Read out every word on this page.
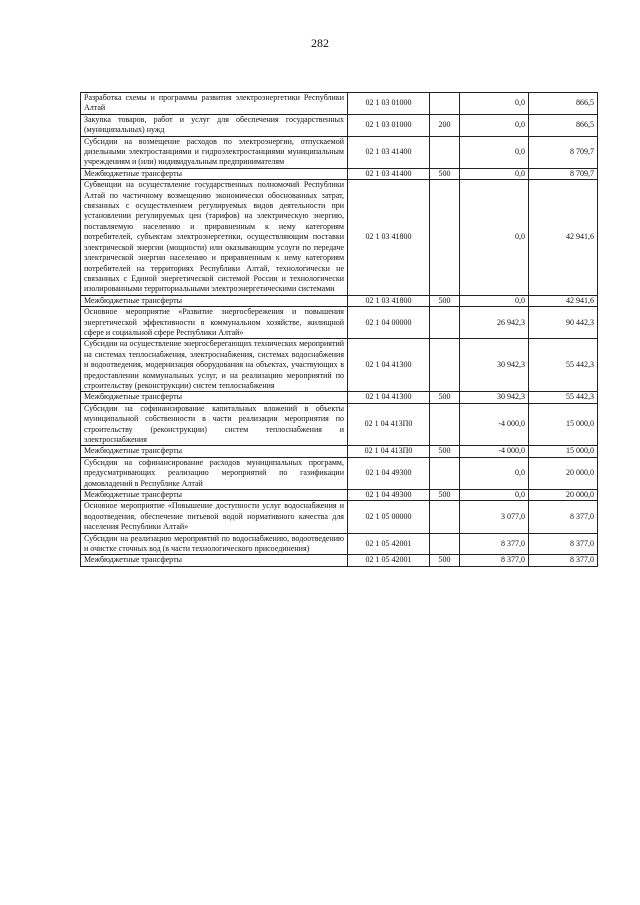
282
Разработка схемы и программы развития электроэнергетики Республики Алтай	02 1 03 01000		0,0	866,5
Закупка товаров, работ и услуг для обеспечения государственных (муниципальных) нужд	02 1 03 01000	200	0,0	866,5
Субсидии на возмещение расходов по электроэнергии, отпускаемой дизельными электростанциями и гидроэлектростанциями муниципальным учреждениям и (или) индивидуальным предпринимателям	02 1 03 41400		0,0	8 709,7
Межбюджетные трансферты	02 1 03 41400	500	0,0	8 709,7
Субвенции на осуществление государственных полномочий Республики Алтай по частичному возмещению экономически обоснованных затрат, связанных с осуществлением регулируемых видов деятельности при установлении регулируемых цен (тарифов) на электрическую энергию, поставляемую населению и приравненным к нему категориям потребителей, субъектам электроэнергетики, осуществляющим поставки электрической энергии (мощности) или оказывающим услуги по передаче электрической энергии населению и приравненным к нему категориям потребителей на территориях Республики Алтай, технологически не связанных с Единой энергетической системой России и технологически изолированными территориальными электроэнергетическими системами	02 1 03 41800		0,0	42 941,6
Межбюджетные трансферты	02 1 03 41800	500	0,0	42 941,6
Основное мероприятие «Развитие энергосбережения и повышения энергетической эффективности в коммунальном хозяйстве, жилищной сфере и социальной сфере Республики Алтай»	02 1 04 00000		26 942,3	90 442,3
Субсидии на осуществление энергосберегающих технических мероприятий на системах теплоснабжения, электроснабжения, системах водоснабжения и водоотведения, модернизация оборудования на объектах, участвующих в предоставлении коммунальных услуг, и на реализацию мероприятий по строительству (реконструкции) систем теплоснабжения	02 1 04 41300		30 942,3	55 442,3
Межбюджетные трансферты	02 1 04 41300	500	30 942,3	55 442,3
Субсидии на софинансирование капитальных вложений в объекты муниципальной собственности в части реализации мероприятия по строительству (реконструкции) систем теплоснабжения и электроснабжения	02 1 04 413П0		-4 000,0	15 000,0
Межбюджетные трансферты	02 1 04 413П0	500	-4 000,0	15 000,0
Субсидии на софинансирование расходов муниципальных программ, предусматривающих реализацию мероприятий по газификации домовладений в Республике Алтай	02 1 04 49300		0,0	20 000,0
Межбюджетные трансферты	02 1 04 49300	500	0,0	20 000,0
Основное мероприятие «Повышение доступности услуг водоснабжения и водоотведения, обеспечение питьевой водой нормативного качества для населения Республики Алтай»	02 1 05 00000		3 077,0	8 377,0
Субсидии на реализацию мероприятий по водоснабжению, водоотведению и очистке сточных вод (в части технологического присоединения)	02 1 05 42001		8 377,0	8 377,0
Межбюджетные трансферты	02 1 05 42001	500	8 377,0	8 377,0
